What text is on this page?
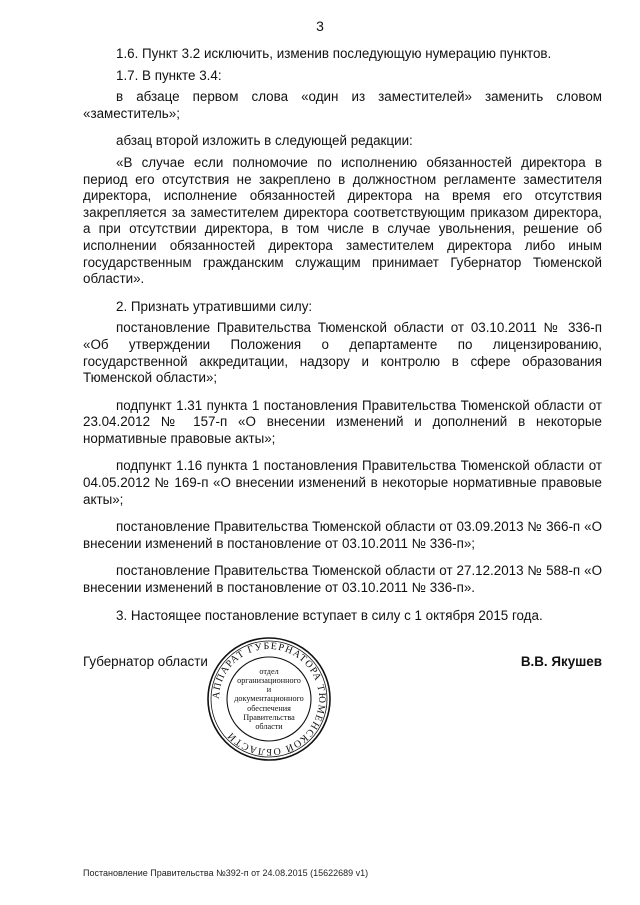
3

1.6. Пункт 3.2 исключить, изменив последующую нумерацию пунктов.

1.7. В пункте 3.4:

в абзаце первом слова «один из заместителей» заменить словом «заместитель»;

абзац второй изложить в следующей редакции:

«В случае если полномочие по исполнению обязанностей директора в период его отсутствия не закреплено в должностном регламенте заместителя директора, исполнение обязанностей директора на время его отсутствия закрепляется за заместителем директора соответствующим приказом директора, а при отсутствии директора, в том числе в случае увольнения, решение об исполнении обязанностей директора заместителем директора либо иным государственным гражданским служащим принимает Губернатор Тюменской области».

2. Признать утратившими силу:

постановление Правительства Тюменской области от 03.10.2011 № 336-п «Об утверждении Положения о департаменте по лицензированию, государственной аккредитации, надзору и контролю в сфере образования Тюменской области»;

подпункт 1.31 пункта 1 постановления Правительства Тюменской области от 23.04.2012 № 157-п «О внесении изменений и дополнений в некоторые нормативные правовые акты»;

подпункт 1.16 пункта 1 постановления Правительства Тюменской области от 04.05.2012 № 169-п «О внесении изменений в некоторые нормативные правовые акты»;

постановление Правительства Тюменской области от 03.09.2013 № 366-п «О внесении изменений в постановление от 03.10.2011 № 336-п»;

постановление Правительства Тюменской области от 27.12.2013 № 588-п «О внесении изменений в постановление от 03.10.2011 № 336-п».

3. Настоящее постановление вступает в силу с 1 октября 2015 года.

Губернатор области	В.В. Якушев
АППАРАТ ГУБЕРНАТОРА ТЮМЕНСКОЙ ОБЛАСТИ
отдел
организационного
и
документационного
обеспечения
Правительства
области
Постановление Правительства №392-п от 24.08.2015 (15622689 v1)
